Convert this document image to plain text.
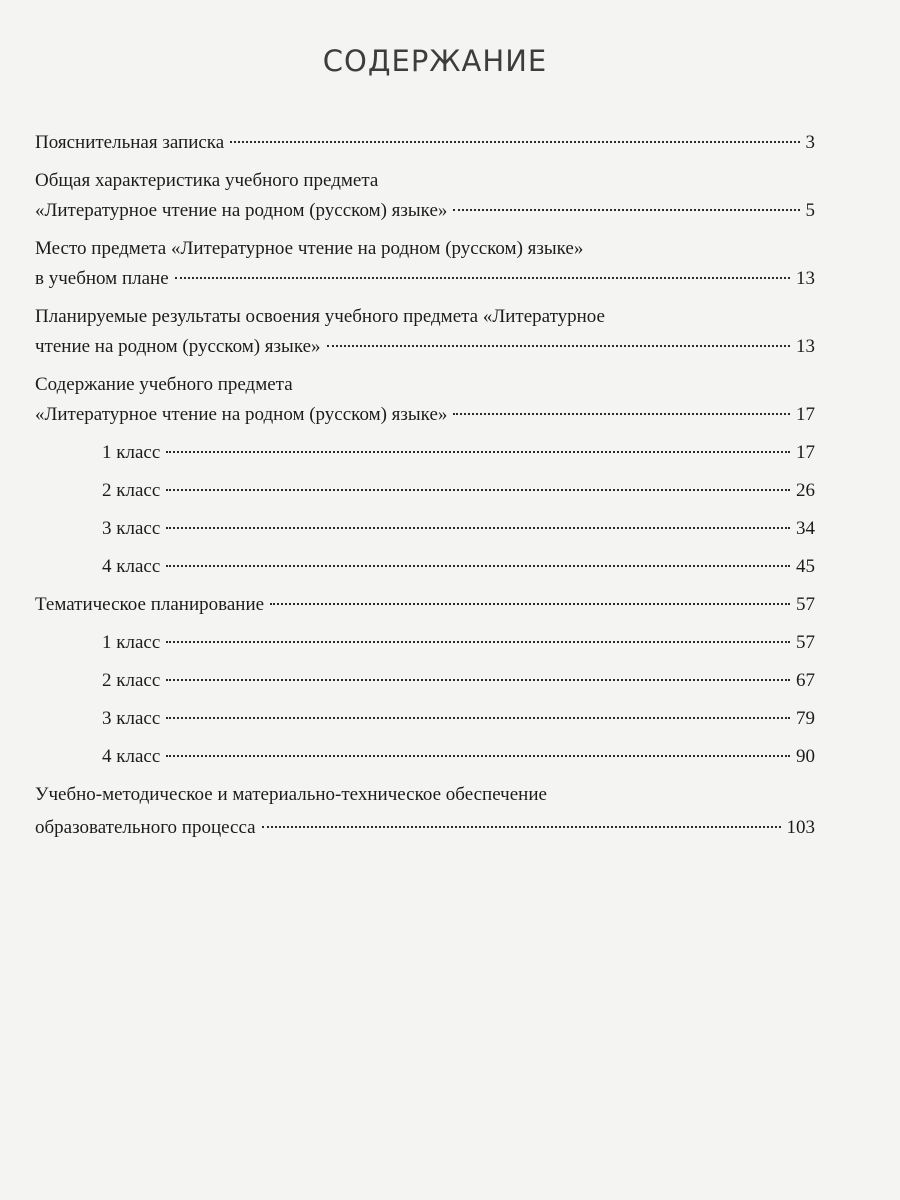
СОДЕРЖАНИЕ
Пояснительная записка	3
Общая характеристика учебного предмета
«Литературное чтение на родном (русском) языке»	5
Место предмета «Литературное чтение на родном (русском) языке»
в учебном плане	13
Планируемые результаты освоения учебного предмета «Литературное
чтение на родном (русском) языке»	13
Содержание учебного предмета
«Литературное чтение на родном (русском) языке»	17
1 класс	17
2 класс	26
3 класс	34
4 класс	45
Тематическое планирование	57
1 класс	57
2 класс	67
3 класс	79
4 класс	90
Учебно-методическое и материально-техническое обеспечение
образовательного процесса	103
